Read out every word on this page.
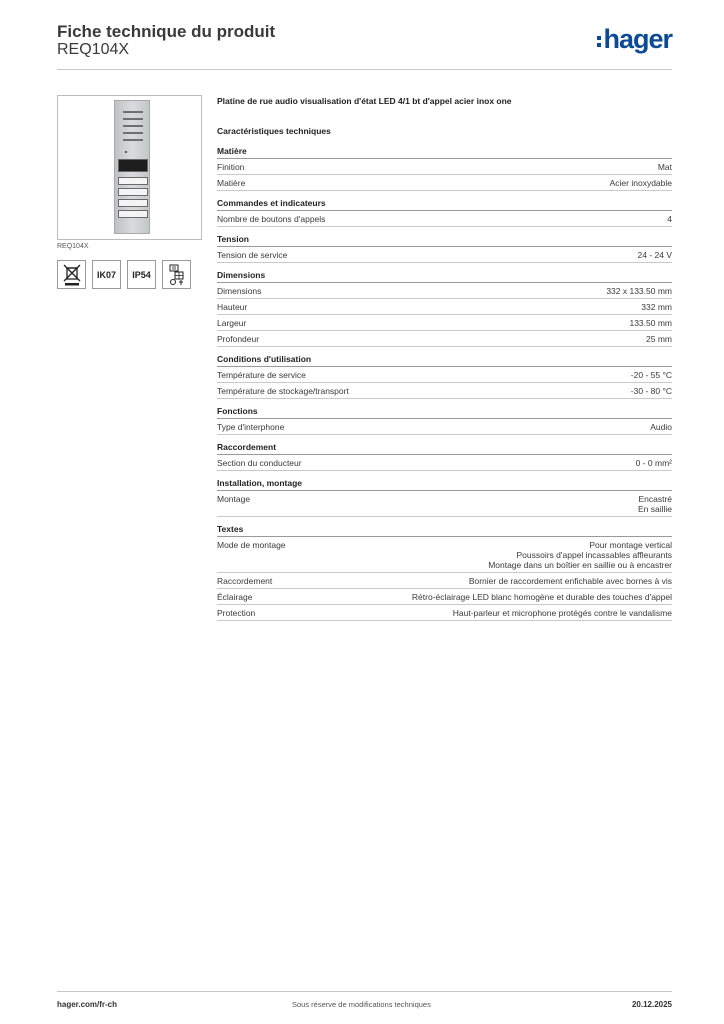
Fiche technique du produit
REQ104X	hager
REQ104X
IK07 IP54
Platine de rue audio visualisation d'état LED 4/1 bt d'appel acier inox one
Caractéristiques techniques
Matière
Finition	Mat
Matière	Acier inoxydable
Commandes et indicateurs
Nombre de boutons d'appels	4
Tension
Tension de service	24 - 24 V
Dimensions
Dimensions	332 x 133.50 mm
Hauteur	332 mm
Largeur	133.50 mm
Profondeur	25 mm
Conditions d'utilisation
Température de service	-20 - 55 °C
Température de stockage/transport	-30 - 80 °C
Fonctions
Type d'interphone	Audio
Raccordement
Section du conducteur	0 - 0 mm²
Installation, montage
Montage	Encastré
En saillie
Textes
Mode de montage	Pour montage vertical
Poussoirs d'appel incassables affleurants
Montage dans un boîtier en saillie ou à encastrer
Raccordement	Bornier de raccordement enfichable avec bornes à vis
Éclairage	Rétro-éclairage LED blanc homogène et durable des touches d'appel
Protection	Haut-parleur et microphone protégés contre le vandalisme
hager.com/fr-ch	Sous réserve de modifications techniques	20.12.2025
